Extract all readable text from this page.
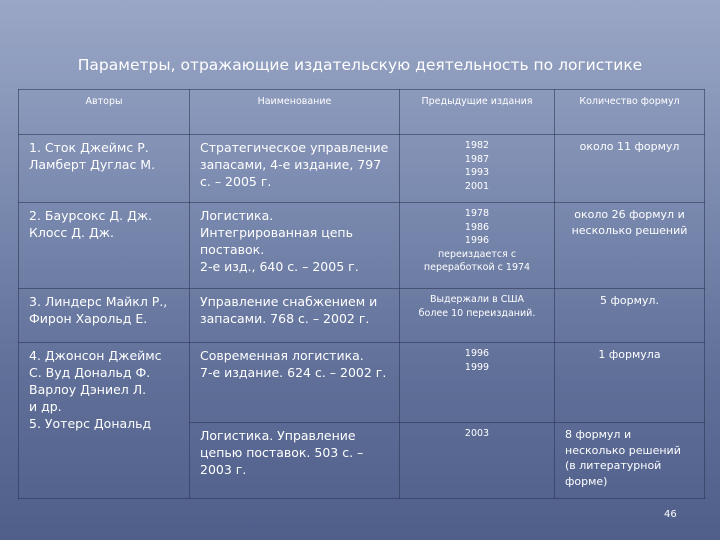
Параметры, отражающие издательскую деятельность по логистике
Авторы	Наименование	Предыдущие издания	Количество формул

1. Сток Джеймс Р.
Ламберт Дуглас М.	Стратегическое управление
запасами, 4-е издание, 797
с. – 2005 г.	1982
1987
1993
2001	около 11 формул

2. Баурсокс Д. Дж.
Клосс Д. Дж.	Логистика.
Интегрированная цепь
поставок.
2-е изд., 640 с. – 2005 г.	1978
1986
1996
переиздается с
переработкой с 1974	около 26 формул и
несколько решений

3. Линдерс Майкл Р.,
Фирон Харольд Е.	Управление снабжением и
запасами. 768 с. – 2002 г.	Выдержали в США
более 10 переизданий.	5 формул.

4. Джонсон Джеймс
С. Вуд Дональд Ф.
Варлоу Дэниел Л.
и др.
5. Уотерс Дональд	Современная логистика.
7-е издание. 624 с. – 2002 г.	1996
1999	1 формула

	Логистика. Управление
цепью поставок. 503 с. –
2003 г.	2003	8 формул и
несколько решений
(в литературной
форме)
46
